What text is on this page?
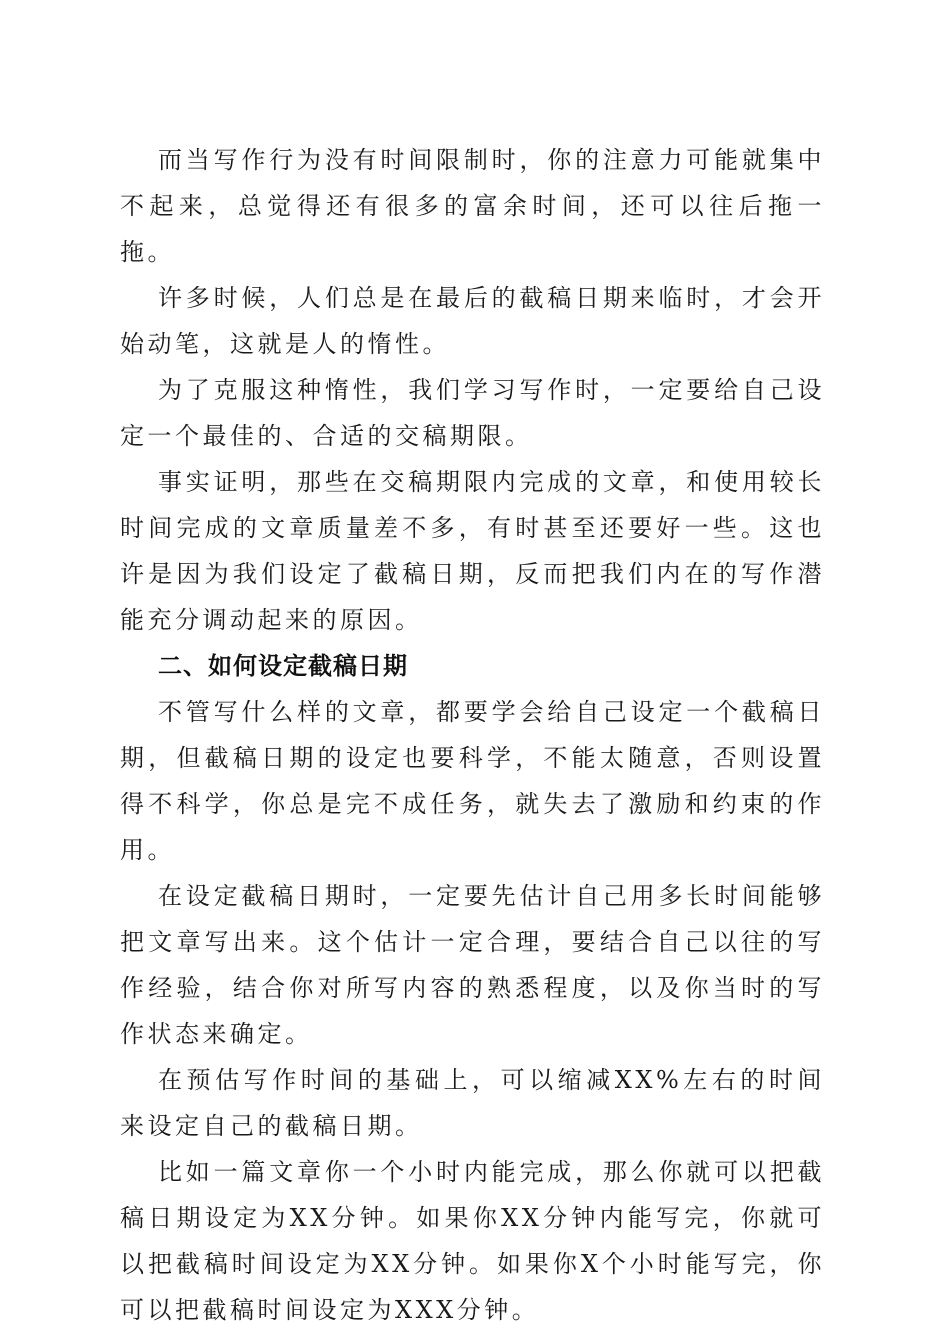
而当写作行为没有时间限制时，你的注意力可能就集中不起来，总觉得还有很多的富余时间，还可以往后拖一拖。

许多时候，人们总是在最后的截稿日期来临时，才会开始动笔，这就是人的惰性。

为了克服这种惰性，我们学习写作时，一定要给自己设定一个最佳的、合适的交稿期限。

事实证明，那些在交稿期限内完成的文章，和使用较长时间完成的文章质量差不多，有时甚至还要好一些。这也许是因为我们设定了截稿日期，反而把我们内在的写作潜能充分调动起来的原因。

二、如何设定截稿日期

不管写什么样的文章，都要学会给自己设定一个截稿日期，但截稿日期的设定也要科学，不能太随意，否则设置得不科学，你总是完不成任务，就失去了激励和约束的作用。

在设定截稿日期时，一定要先估计自己用多长时间能够把文章写出来。这个估计一定合理，要结合自己以往的写作经验，结合你对所写内容的熟悉程度，以及你当时的写作状态来确定。

在预估写作时间的基础上，可以缩减XX%左右的时间来设定自己的截稿日期。

比如一篇文章你一个小时内能完成，那么你就可以把截稿日期设定为XX分钟。如果你XX分钟内能写完，你就可以把截稿时间设定为XX分钟。如果你X个小时能写完，你可以把截稿时间设定为XXX分钟。
